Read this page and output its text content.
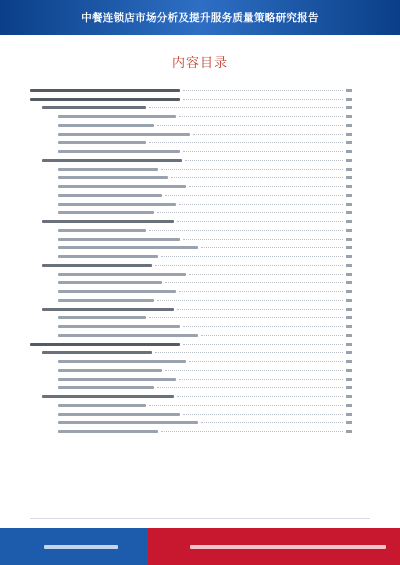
中餐连锁店市场分析及提升服务质量策略研究报告
内容目录
